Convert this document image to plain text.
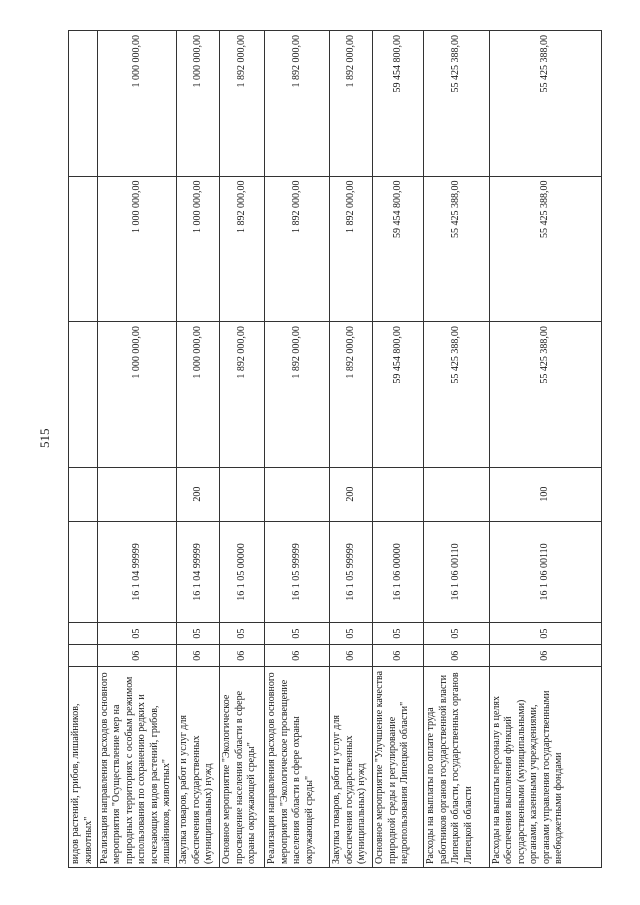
515
видов растений, грибов, лишайников, животных"							
Реализация направления расходов основного мероприятия "Осуществление мер на природных территориях с особым режимом использования по сохранению редких и исчезающих видов растений, грибов, лишайников, животных"	06	05	16 1 04 99999		1 000 000,00	1 000 000,00	1 000 000,00
Закупка товаров, работ и услуг для обеспечения государственных (муниципальных) нужд	06	05	16 1 04 99999	200	1 000 000,00	1 000 000,00	1 000 000,00
Основное мероприятие "Экологическое просвещение населения области в сфере охраны окружающей среды"	06	05	16 1 05 00000		1 892 000,00	1 892 000,00	1 892 000,00
Реализация направления расходов основного мероприятия "Экологическое просвещение населения области в сфере охраны окружающей среды"	06	05	16 1 05 99999		1 892 000,00	1 892 000,00	1 892 000,00
Закупка товаров, работ и услуг для обеспечения государственных (муниципальных) нужд	06	05	16 1 05 99999	200	1 892 000,00	1 892 000,00	1 892 000,00
Основное мероприятие "Улучшение качества природной среды и регулирование недропользования Липецкой области"	06	05	16 1 06 00000		59 454 800,00	59 454 800,00	59 454 800,00
Расходы на выплаты по оплате труда работников органов государственной власти Липецкой области, государственных органов Липецкой области	06	05	16 1 06 00110		55 425 388,00	55 425 388,00	55 425 388,00
Расходы на выплаты персоналу в целях обеспечения выполнения функций государственными (муниципальными) органами, казенными учреждениями, органами управления государственными внебюджетными фондами	06	05	16 1 06 00110	100	55 425 388,00	55 425 388,00	55 425 388,00
